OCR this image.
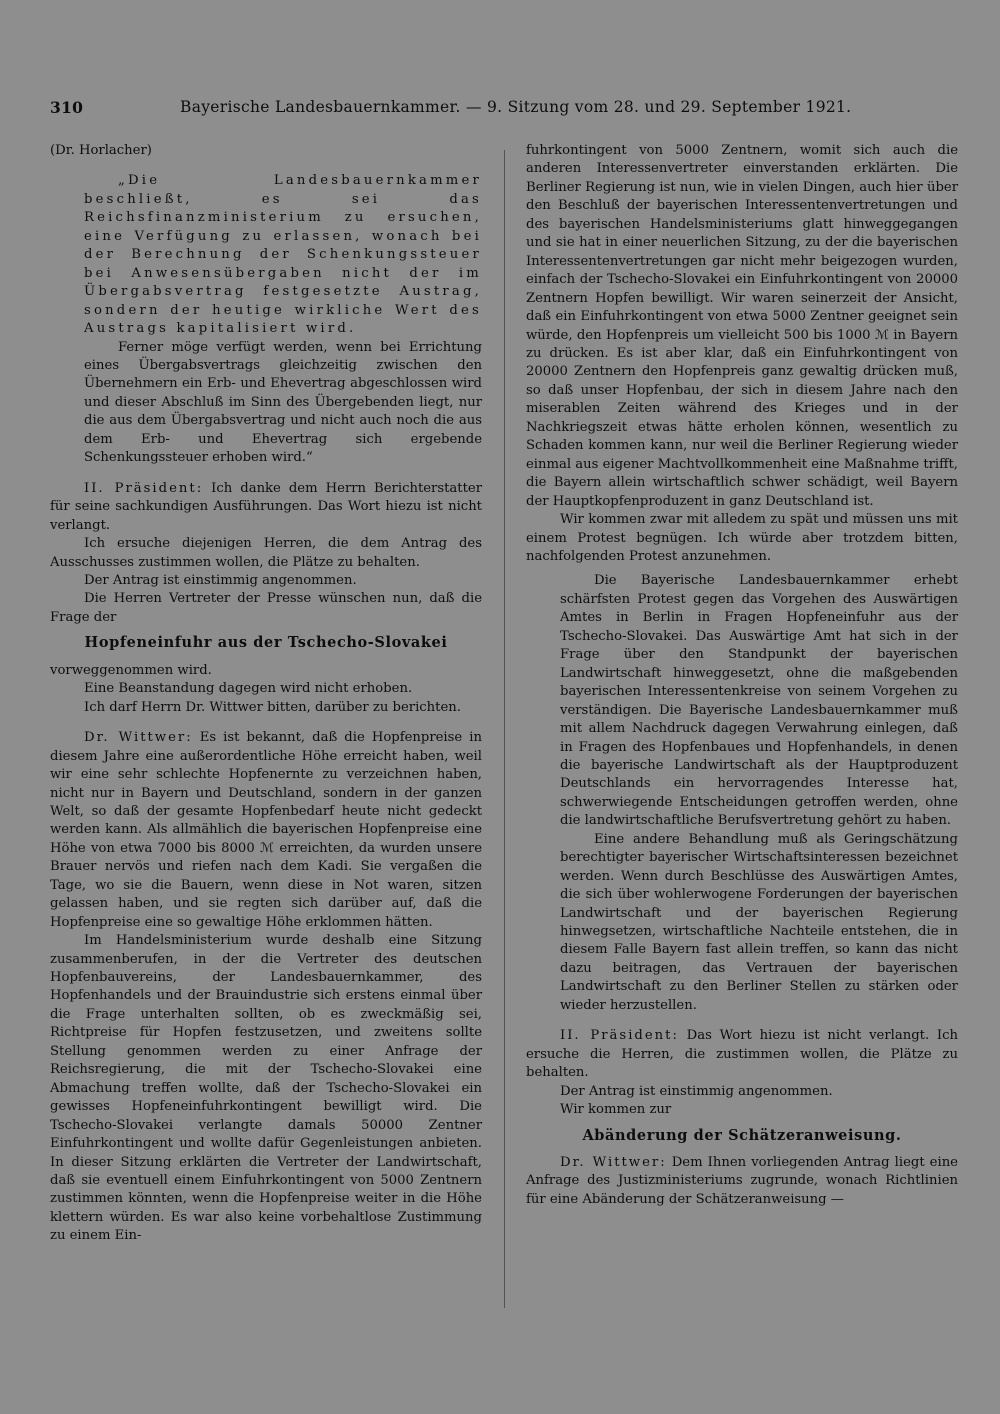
310	Bayerische Landesbauernkammer. — 9. Sitzung vom 28. und 29. September 1921.

(Dr. Horlacher)

„Die Landesbauernkammer beschließt, es sei das Reichsfinanzministerium zu ersuchen, eine Verfügung zu erlassen, wonach bei der Berechnung der Schenkungssteuer bei Anwesensübergaben nicht der im Übergabsvertrag festgesetzte Austrag, sondern der heutige wirkliche Wert des Austrags kapitalisiert wird.

Ferner möge verfügt werden, wenn bei Errichtung eines Übergabsvertrags gleichzeitig zwischen den Übernehmern ein Erb- und Ehevertrag abgeschlossen wird und dieser Abschluß im Sinn des Übergebenden liegt, nur die aus dem Übergabsvertrag und nicht auch noch die aus dem Erb- und Ehevertrag sich ergebende Schenkungssteuer erhoben wird.“

II. Präsident: Ich danke dem Herrn Berichterstatter für seine sachkundigen Ausführungen. Das Wort hiezu ist nicht verlangt.

Ich ersuche diejenigen Herren, die dem Antrag des Ausschusses zustimmen wollen, die Plätze zu behalten.

Der Antrag ist einstimmig angenommen.

Die Herren Vertreter der Presse wünschen nun, daß die Frage der

Hopfeneinfuhr aus der Tschecho-Slovakei

vorweggenommen wird.

Eine Beanstandung dagegen wird nicht erhoben.

Ich darf Herrn Dr. Wittwer bitten, darüber zu berichten.

Dr. Wittwer: Es ist bekannt, daß die Hopfenpreise in diesem Jahre eine außerordentliche Höhe erreicht haben, weil wir eine sehr schlechte Hopfenernte zu verzeichnen haben, nicht nur in Bayern und Deutschland, sondern in der ganzen Welt, so daß der gesamte Hopfenbedarf heute nicht gedeckt werden kann. Als allmählich die bayerischen Hopfenpreise eine Höhe von etwa 7000 bis 8000 ℳ erreichten, da wurden unsere Brauer nervös und riefen nach dem Kadi. Sie vergaßen die Tage, wo sie die Bauern, wenn diese in Not waren, sitzen gelassen haben, und sie regten sich darüber auf, daß die Hopfenpreise eine so gewaltige Höhe erklommen hätten.

Im Handelsministerium wurde deshalb eine Sitzung zusammenberufen, in der die Vertreter des deutschen Hopfenbauvereins, der Landesbauernkammer, des Hopfenhandels und der Brauindustrie sich erstens einmal über die Frage unterhalten sollten, ob es zweckmäßig sei, Richtpreise für Hopfen festzusetzen, und zweitens sollte Stellung genommen werden zu einer Anfrage der Reichsregierung, die mit der Tschecho-Slovakei eine Abmachung treffen wollte, daß der Tschecho-Slovakei ein gewisses Hopfeneinfuhrkontingent bewilligt wird. Die Tschecho-Slovakei verlangte damals 50000 Zentner Einfuhrkontingent und wollte dafür Gegenleistungen anbieten. In dieser Sitzung erklärten die Vertreter der Landwirtschaft, daß sie eventuell einem Einfuhrkontingent von 5000 Zentnern zustimmen könnten, wenn die Hopfenpreise weiter in die Höhe klettern würden. Es war also keine vorbehaltlose Zustimmung zu einem Ein-

fuhrkontingent von 5000 Zentnern, womit sich auch die anderen Interessenvertreter einverstanden erklärten. Die Berliner Regierung ist nun, wie in vielen Dingen, auch hier über den Beschluß der bayerischen Interessentenvertretungen und des bayerischen Handelsministeriums glatt hinweggegangen und sie hat in einer neuerlichen Sitzung, zu der die bayerischen Interessentenvertretungen gar nicht mehr beigezogen wurden, einfach der Tschecho-Slovakei ein Einfuhrkontingent von 20000 Zentnern Hopfen bewilligt. Wir waren seinerzeit der Ansicht, daß ein Einfuhrkontingent von etwa 5000 Zentner geeignet sein würde, den Hopfenpreis um vielleicht 500 bis 1000 ℳ in Bayern zu drücken. Es ist aber klar, daß ein Einfuhrkontingent von 20000 Zentnern den Hopfenpreis ganz gewaltig drücken muß, so daß unser Hopfenbau, der sich in diesem Jahre nach den miserablen Zeiten während des Krieges und in der Nachkriegszeit etwas hätte erholen können, wesentlich zu Schaden kommen kann, nur weil die Berliner Regierung wieder einmal aus eigener Machtvollkommenheit eine Maßnahme trifft, die Bayern allein wirtschaftlich schwer schädigt, weil Bayern der Hauptkopfenproduzent in ganz Deutschland ist.

Wir kommen zwar mit alledem zu spät und müssen uns mit einem Protest begnügen. Ich würde aber trotzdem bitten, nachfolgenden Protest anzunehmen.

Die Bayerische Landesbauernkammer erhebt schärfsten Protest gegen das Vorgehen des Auswärtigen Amtes in Berlin in Fragen Hopfeneinfuhr aus der Tschecho-Slovakei. Das Auswärtige Amt hat sich in der Frage über den Standpunkt der bayerischen Landwirtschaft hinweggesetzt, ohne die maßgebenden bayerischen Interessentenkreise von seinem Vorgehen zu verständigen. Die Bayerische Landesbauernkammer muß mit allem Nachdruck dagegen Verwahrung einlegen, daß in Fragen des Hopfenbaues und Hopfenhandels, in denen die bayerische Landwirtschaft als der Hauptproduzent Deutschlands ein hervorragendes Interesse hat, schwerwiegende Entscheidungen getroffen werden, ohne die landwirtschaftliche Berufsvertretung gehört zu haben.

Eine andere Behandlung muß als Geringschätzung berechtigter bayerischer Wirtschaftsinteressen bezeichnet werden. Wenn durch Beschlüsse des Auswärtigen Amtes, die sich über wohlerwogene Forderungen der bayerischen Landwirtschaft und der bayerischen Regierung hinwegsetzen, wirtschaftliche Nachteile entstehen, die in diesem Falle Bayern fast allein treffen, so kann das nicht dazu beitragen, das Vertrauen der bayerischen Landwirtschaft zu den Berliner Stellen zu stärken oder wieder herzustellen.

II. Präsident: Das Wort hiezu ist nicht verlangt. Ich ersuche die Herren, die zustimmen wollen, die Plätze zu behalten.

Der Antrag ist einstimmig angenommen.

Wir kommen zur

Abänderung der Schätzeranweisung.

Dr. Wittwer: Dem Ihnen vorliegenden Antrag liegt eine Anfrage des Justizministeriums zugrunde, wonach Richtlinien für eine Abänderung der Schätzeranweisung —
